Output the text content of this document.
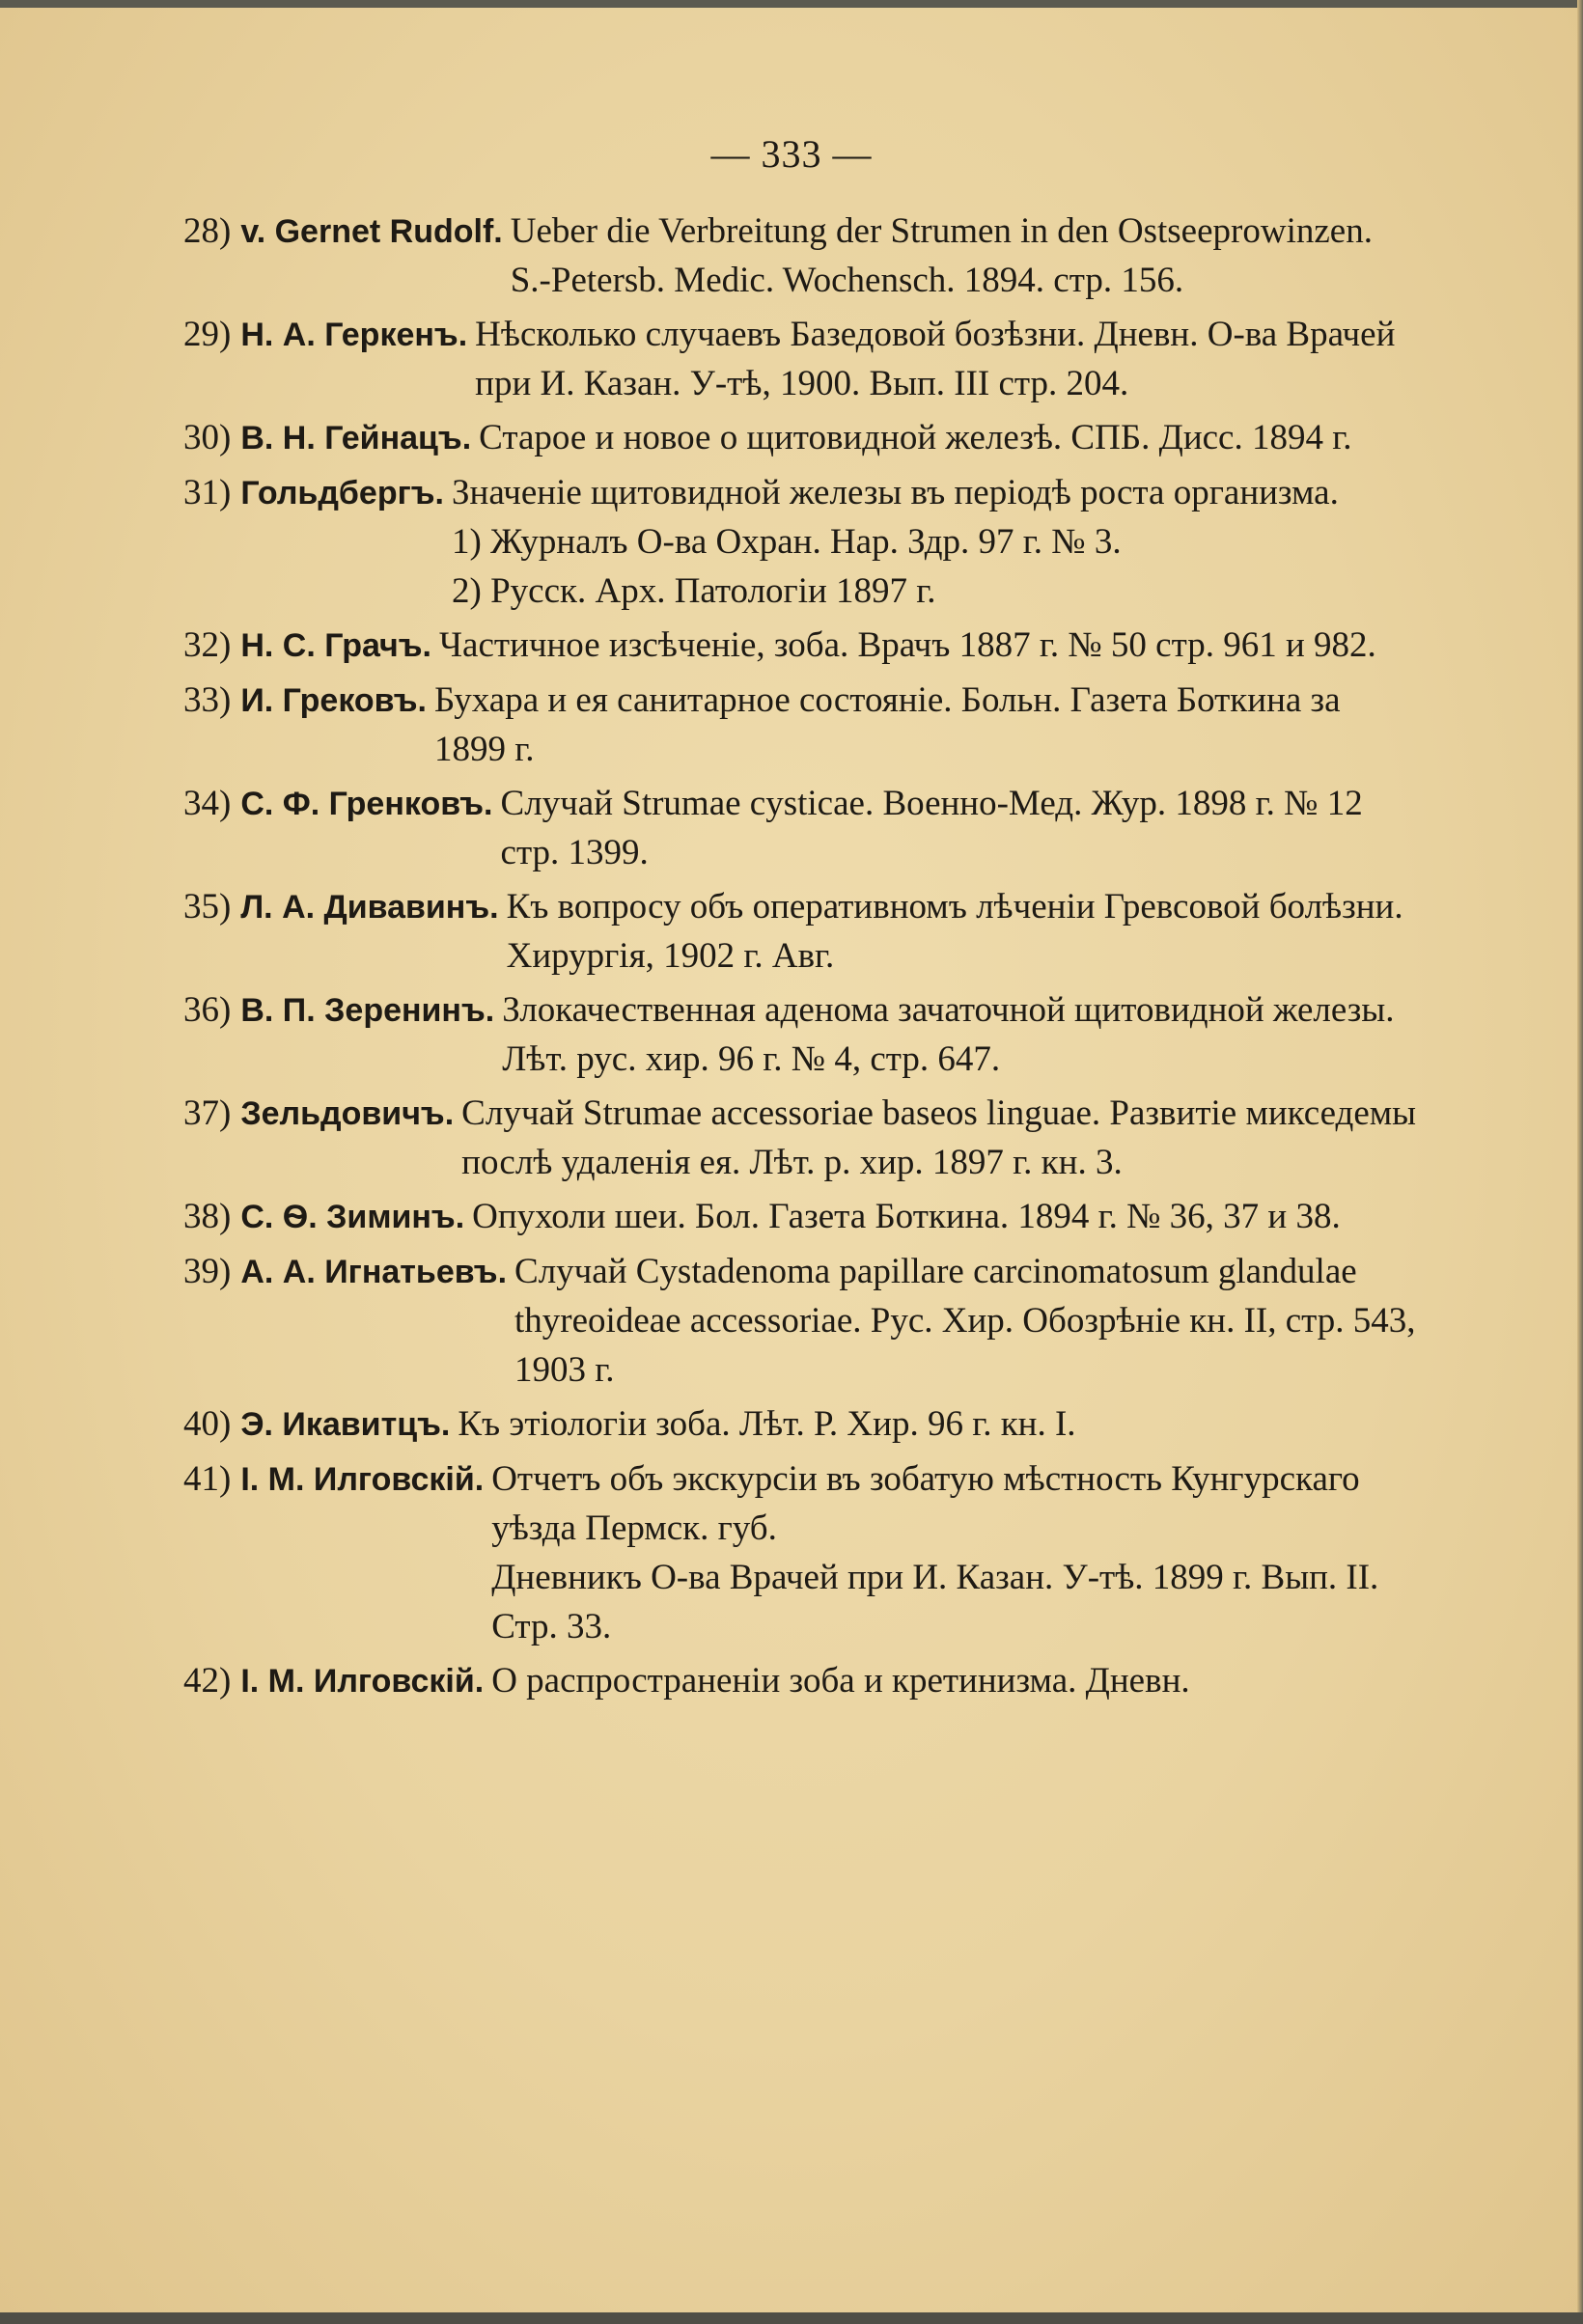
— 333 —
28) v. Gernet Rudolf. Ueber die Verbreitung der Strumen in den Ostseeprowinzen. S.-Petersb. Medic. Wochensch. 1894. стр. 156.
29) Н. А. Геркенъ. Нѣсколько случаевъ Базедовой бозѣзни. Дневн. О-ва Врачей при И. Казан. У-тѣ, 1900. Вып. III стр. 204.
30) В. Н. Гейнацъ. Старое и новое о щитовидной железѣ. СПБ. Дисс. 1894 г.
31) Гольдбергъ. Значеніе щитовидной железы въ періодѣ роста организма.
1) Журналъ О-ва Охран. Нар. Здр. 97 г. № 3.
2) Русск. Арх. Патологіи 1897 г.
32) Н. С. Грачъ. Частичное изсѣченіе, зоба. Врачъ 1887 г. № 50 стр. 961 и 982.
33) И. Грековъ. Бухара и ея санитарное состояніе. Больн. Газета Боткина за 1899 г.
34) С. Ф. Гренковъ. Случай Strumae cysticae. Военно-Мед. Жур. 1898 г. № 12 стр. 1399.
35) Л. А. Дивавинъ. Къ вопросу объ оперативномъ лѣченіи Гревсовой болѣзни. Хирургія, 1902 г. Авг.
36) В. П. Зерeнинъ. Злокачественная аденома зачаточной щитовидной железы. Лѣт. рус. хир. 96 г. № 4, стр. 647.
37) Зельдовичъ. Случай Strumae accessoriae baseos linguae. Развитіе микседемы послѣ удаленія ея. Лѣт. р. хир. 1897 г. кн. 3.
38) С. Ѳ. Зиминъ. Опухоли шеи. Бол. Газета Боткина. 1894 г. № 36, 37 и 38.
39) А. А. Игнатьевъ. Случай Cystadenoma papillare carcinomatosum glandulae thyreoideae accessoriae. Рус. Хир. Обозрѣніе кн. II, стр. 543, 1903 г.
40) Э. Икавитцъ. Къ этіологіи зоба. Лѣт. Р. Хир. 96 г. кн. I.
41) І. М. Илговскій. Отчетъ объ экскурсіи въ зобатую мѣстность Кунгурскаго уѣзда Пермск. губ.
Дневникъ О-ва Врачей при И. Казан. У-тѣ. 1899 г. Вып. II. Стр. 33.
42) І. М. Илговскій. О распространеніи зоба и кретинизма. Дневн.
